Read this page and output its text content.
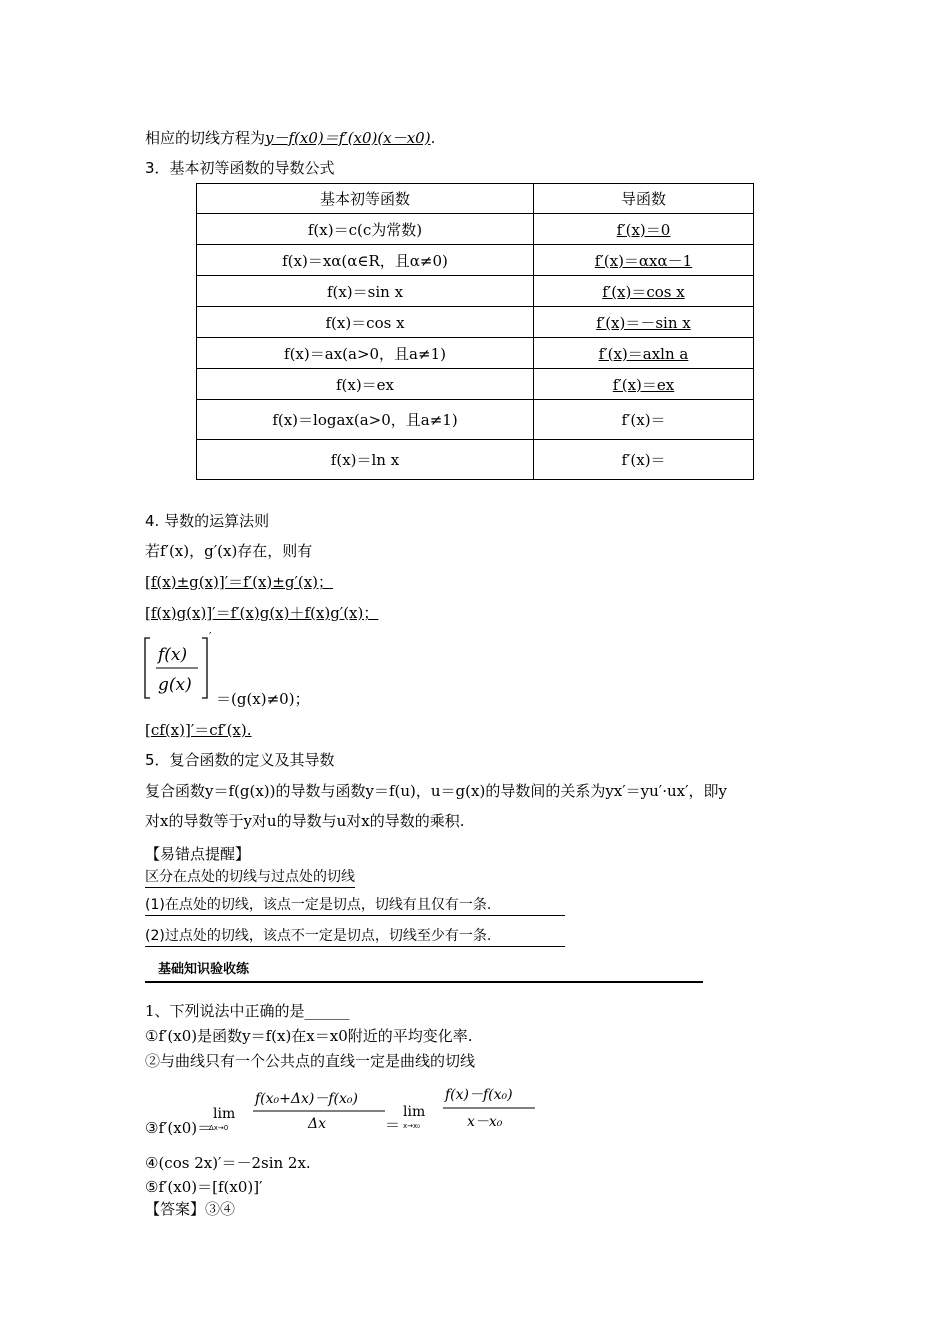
相应的切线方程为y－f(x0)＝f′(x0)(x－x0).
3．基本初等函数的导数公式
基本初等函数	导函数
f(x)＝c(c为常数)	f′(x)＝0
f(x)＝xα(α∈R，且α≠0)	f′(x)＝αxα－1
f(x)＝sin x	f′(x)＝cos x
f(x)＝cos x	f′(x)＝－sin x
f(x)＝ax(a>0，且a≠1)	f′(x)＝axln a
f(x)＝ex	f′(x)＝ex
f(x)＝logax(a>0，且a≠1)	f′(x)＝
f(x)＝ln x	f′(x)＝
4. 导数的运算法则
若f′(x)，g′(x)存在，则有
[f(x)±g(x)]′＝f′(x)±g′(x)；
[f(x)g(x)]′＝f′(x)g(x)＋f(x)g′(x)；
f(x)
g(x)
′
＝(g(x)≠0)；
[cf(x)]′＝cf′(x).
5．复合函数的定义及其导数
复合函数y＝f(g(x))的导数与函数y＝f(u)，u＝g(x)的导数间的关系为yx′＝yu′·ux′，即y
对x的导数等于y对u的导数与u对x的导数的乘积.
【易错点提醒】
区分在点处的切线与过点处的切线
(1)在点处的切线，该点一定是切点，切线有且仅有一条.
(2)过点处的切线，该点不一定是切点，切线至少有一条.
基础知识验收练
1、下列说法中正确的是______
①f′(x0)是函数y＝f(x)在x＝x0附近的平均变化率.
②与曲线只有一个公共点的直线一定是曲线的切线
③f′(x0)＝
lim
Δx→0
f(x₀+Δx)－f(x₀)
Δx	＝
lim
x→x₀
f(x)－f(x₀)
x－x₀
④(cos 2x)′＝－2sin 2x.
⑤f′(x0)＝[f(x0)]′
【答案】③④
